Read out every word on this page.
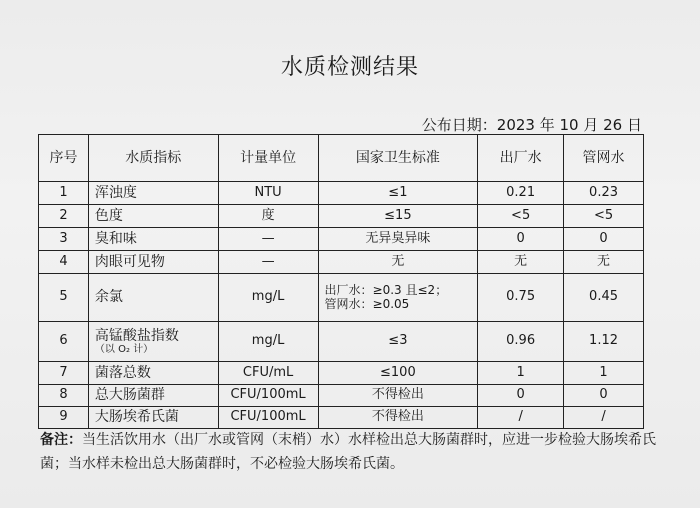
水质检测结果
公布日期：2023 年 10 月 26 日
序号	水质指标	计量单位	国家卫生标准	出厂水	管网水
1	浑浊度	NTU	≤1	0.21	0.23
2	色度	度	≤15	<5	<5
3	臭和味	—	无异臭异味	0	0
4	肉眼可见物	—	无	无	无
5	余氯	mg/L	出厂水：≥0.3 且≤2；
管网水：≥0.05	0.75	0.45
6	高锰酸盐指数
（以 O₂ 计）	mg/L	≤3	0.96	1.12
7	菌落总数	CFU/mL	≤100	1	1
8	总大肠菌群	CFU/100mL	不得检出	0	0
9	大肠埃希氏菌	CFU/100mL	不得检出	/	/
备注：当生活饮用水（出厂水或管网（末梢）水）水样检出总大肠菌群时，应进一步检验大肠埃希氏菌；当水样未检出总大肠菌群时，不必检验大肠埃希氏菌。
